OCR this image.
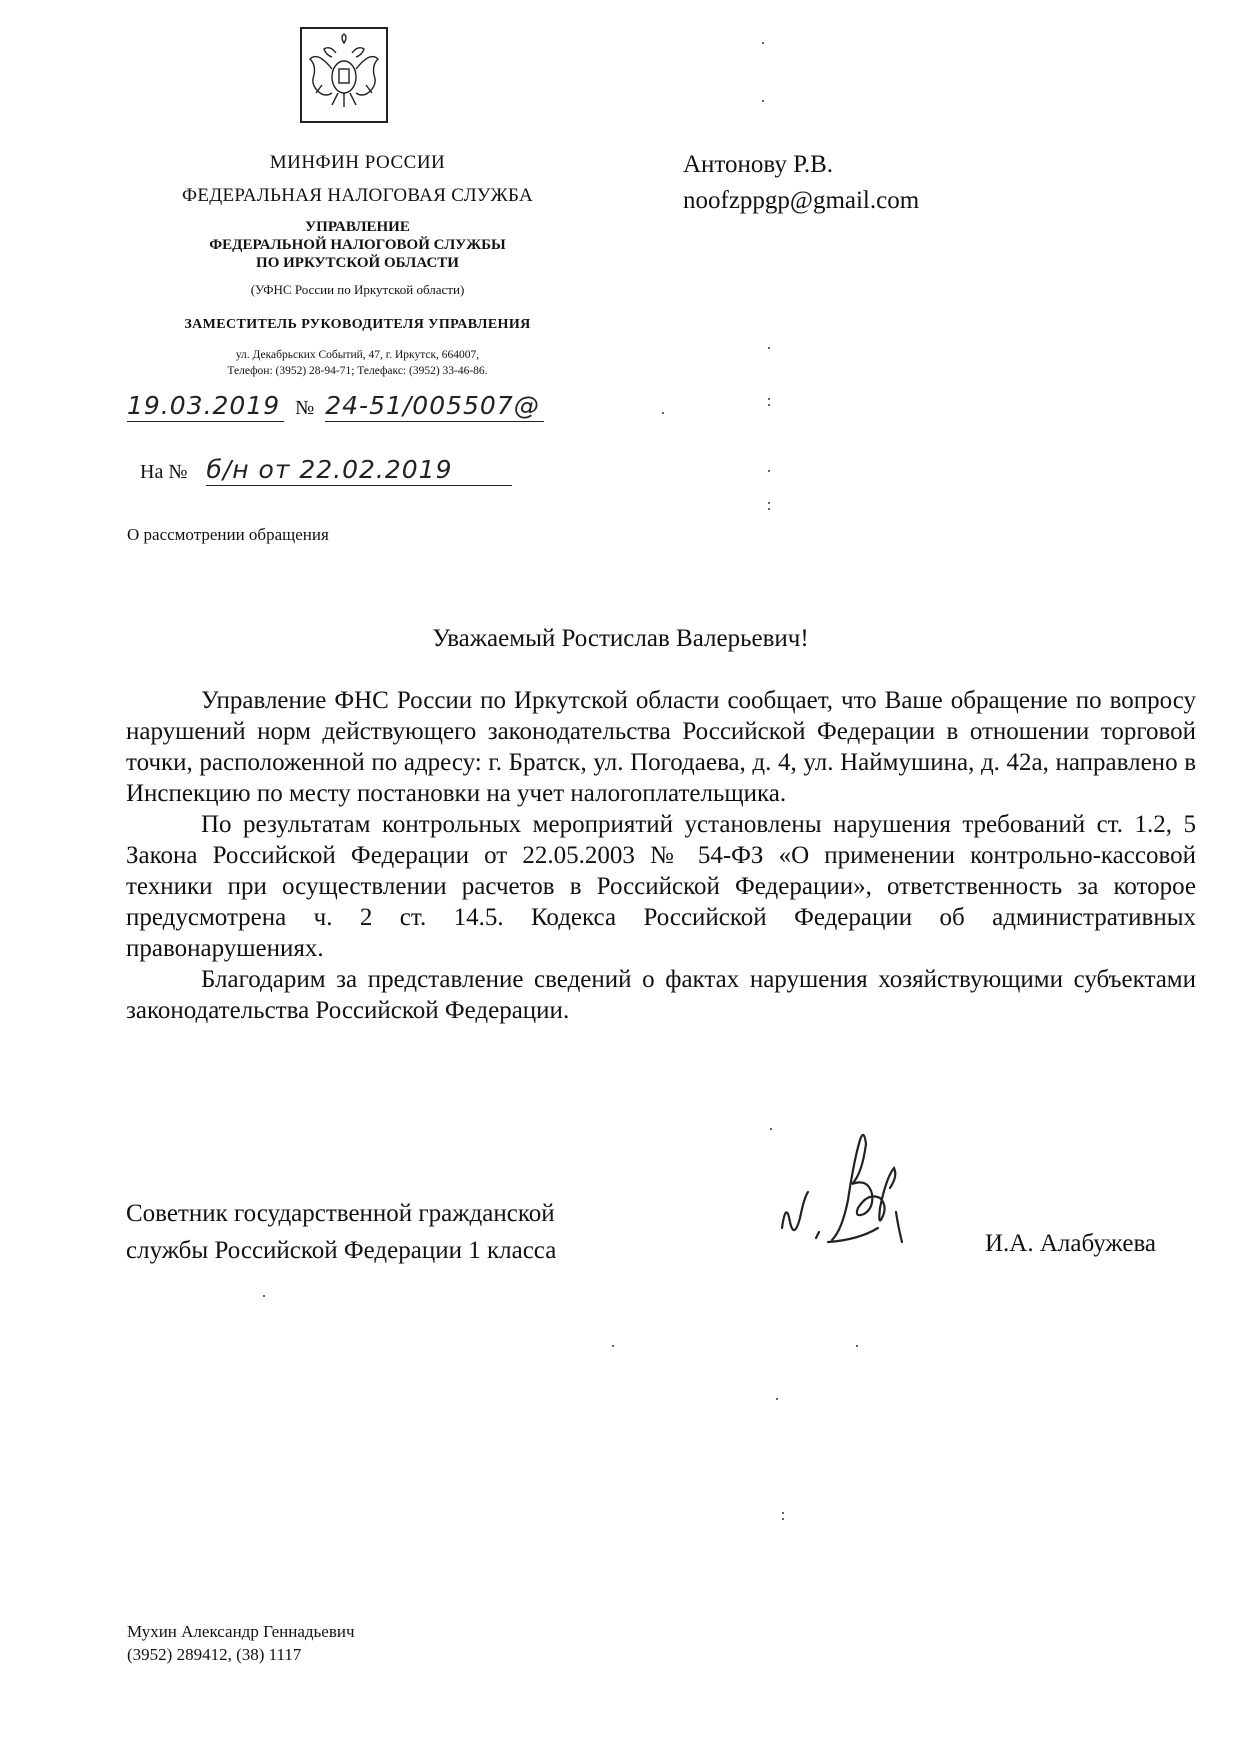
МИНФИН РОССИИ
ФЕДЕРАЛЬНАЯ НАЛОГОВАЯ СЛУЖБА
УПРАВЛЕНИЕ
ФЕДЕРАЛЬНОЙ НАЛОГОВОЙ СЛУЖБЫ
ПО ИРКУТСКОЙ ОБЛАСТИ
(УФНС России по Иркутской области)
ЗАМЕСТИТЕЛЬ РУКОВОДИТЕЛЯ УПРАВЛЕНИЯ
ул. Декабрьских Событий, 47, г. Иркутск, 664007,
Телефон: (3952) 28-94-71; Телефакс: (3952) 33-46-86.
Антонову Р.В.
noofzppgp@gmail.com
19.03.2019 № 24-51/005507@
На № б/н от 22.02.2019
О рассмотрении обращения
Уважаемый Ростислав Валерьевич!

Управление ФНС России по Иркутской области сообщает, что Ваше обращение по вопросу нарушений норм действующего законодательства Российской Федерации в отношении торговой точки, расположенной по адресу: г. Братск, ул. Погодаева, д. 4, ул. Наймушина, д. 42а, направлено в Инспекцию по месту постановки на учет налогоплательщика.

По результатам контрольных мероприятий установлены нарушения требований ст. 1.2, 5 Закона Российской Федерации от 22.05.2003 № 54-ФЗ «О применении контрольно-кассовой техники при осуществлении расчетов в Российской Федерации», ответственность за которое предусмотрена ч. 2 ст. 14.5. Кодекса Российской Федерации об административных правонарушениях.

Благодарим за представление сведений о фактах нарушения хозяйствующими субъектами законодательства Российской Федерации.

Советник государственной гражданской
службы Российской Федерации 1 класса	И.А. Алабужева
Мухин Александр Геннадьевич
(3952) 289412, (38) 1117
